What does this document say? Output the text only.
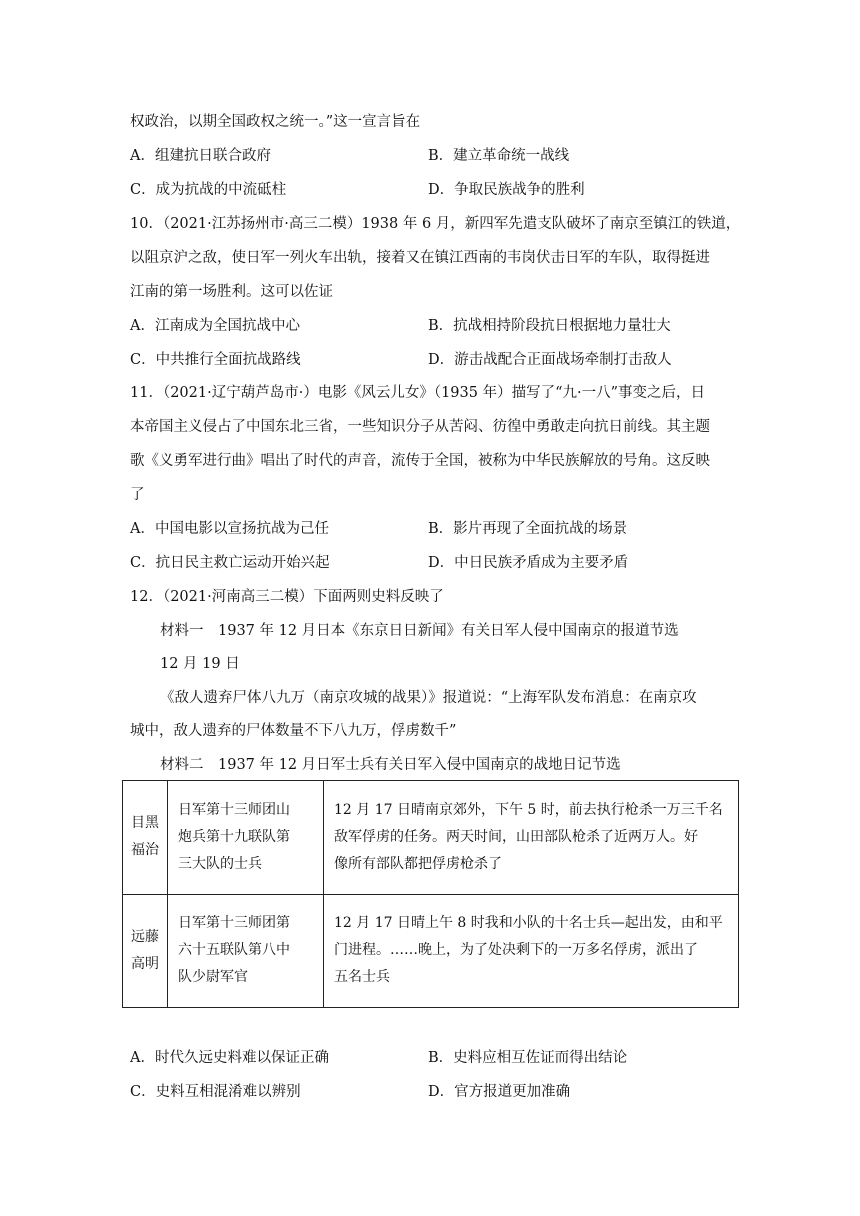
权政治，以期全国政权之统一。”这一宣言旨在
A．组建抗日联合政府	B．建立革命统一战线
C．成为抗战的中流砥柱	D．争取民族战争的胜利
10．（2021·江苏扬州市·高三二模）1938 年 6 月，新四军先遣支队破坏了南京至镇江的铁道，
以阻京沪之敌，使日军一列火车出轨，接着又在镇江西南的韦岗伏击日军的车队，取得挺进
江南的第一场胜利。这可以佐证
A．江南成为全国抗战中心	B．抗战相持阶段抗日根据地力量壮大
C．中共推行全面抗战路线	D．游击战配合正面战场牵制打击敌人
11．（2021·辽宁葫芦岛市·）电影《风云儿女》（1935 年）描写了“九·一八”事变之后，日
本帝国主义侵占了中国东北三省，一些知识分子从苦闷、彷徨中勇敢走向抗日前线。其主题
歌《义勇军进行曲》唱出了时代的声音，流传于全国，被称为中华民族解放的号角。这反映
了
A．中国电影以宣扬抗战为己任	B．影片再现了全面抗战的场景
C．抗日民主救亡运动开始兴起	D．中日民族矛盾成为主要矛盾
12．（2021·河南高三二模）下面两则史料反映了
材料一　1937 年 12 月日本《东京日日新闻》有关日军人侵中国南京的报道节选
12 月 19 日
《敌人遗弃尸体八九万（南京攻城的战果）》报道说：“上海军队发布消息：在南京攻
城中，敌人遗弃的尸体数量不下八九万，俘虏数千”
材料二　1937 年 12 月日军士兵有关日军入侵中国南京的战地日记节选
目黑
福治	日军第十三师团山
炮兵第十九联队第
三大队的士兵	12 月 17 日晴南京郊外，下午 5 时，前去执行枪杀一万三千名
敌军俘虏的任务。两天时间，山田部队枪杀了近两万人。好
像所有部队都把俘虏枪杀了

远藤
高明	日军第十三师团第
六十五联队第八中
队少尉军官	12 月 17 日晴上午 8 时我和小队的十名士兵—起出发，由和平
门进程。……晚上，为了处决剩下的一万多名俘虏，派出了
五名士兵
A．时代久远史料难以保证正确	B．史料应相互佐证而得出结论
C．史料互相混淆难以辨别	D．官方报道更加准确
